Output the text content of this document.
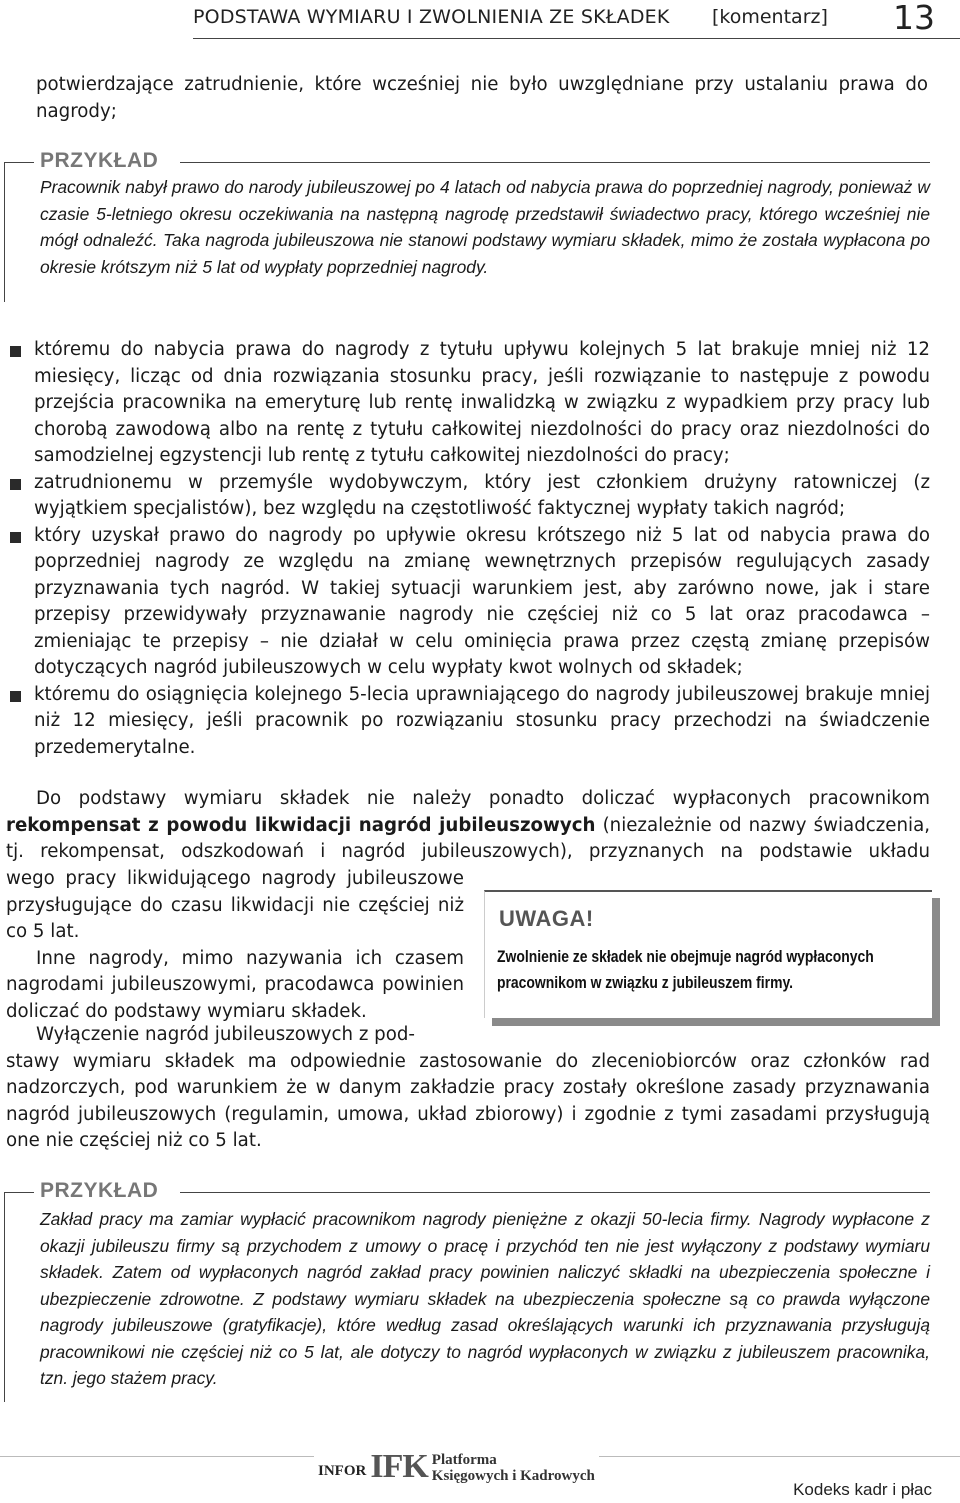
PODSTAWA WYMIARU I ZWOLNIENIA ZE SKŁADEK [komentarz] 13

potwierdzające zatrudnienie, które wcześniej nie było uwzględniane przy ustalaniu prawa do nagrody;

PRZYKŁAD

Pracownik nabył prawo do narody jubileuszowej po 4 latach od nabycia prawa do poprzedniej nagrody, ponieważ w czasie 5-letniego okresu oczekiwania na następną nagrodę przedstawił świadectwo pracy, którego wcześniej nie mógł odnaleźć. Taka nagroda jubileuszowa nie stanowi podstawy wymiaru składek, mimo że została wypłacona po okresie krótszym niż 5 lat od wypłaty poprzedniej nagrody.

któremu do nabycia prawa do nagrody z tytułu upływu kolejnych 5 lat brakuje mniej niż 12 miesięcy, licząc od dnia rozwiązania stosunku pracy, jeśli rozwiązanie to następuje z powodu przejścia pracownika na emeryturę lub rentę inwalidzką w związku z wypadkiem przy pracy lub chorobą zawodową albo na rentę z tytułu całkowitej niezdolności do pracy oraz niezdolności do samodzielnej egzystencji lub rentę z tytułu całkowitej niezdolności do pracy;
zatrudnionemu w przemyśle wydobywczym, który jest członkiem drużyny ratowniczej (z wyjątkiem specjalistów), bez względu na częstotliwość faktycznej wypłaty takich nagród;
który uzyskał prawo do nagrody po upływie okresu krótszego niż 5 lat od nabycia prawa do poprzedniej nagrody ze względu na zmianę wewnętrznych przepisów regulujących zasady przyznawania tych nagród. W takiej sytuacji warunkiem jest, aby zarówno nowe, jak i stare przepisy przewidywały przyznawanie nagrody nie częściej niż co 5 lat oraz pracodawca – zmieniając te przepisy – nie działał w celu ominięcia prawa przez częstą zmianę przepisów dotyczących nagród jubileuszowych w celu wypłaty kwot wolnych od składek;
któremu do osiągnięcia kolejnego 5-lecia uprawniającego do nagrody jubileuszowej brakuje mniej niż 12 miesięcy, jeśli pracownik po rozwiązaniu stosunku pracy przechodzi na świadczenie przedemerytalne.
Do podstawy wymiaru składek nie należy ponadto doliczać wypłaconych pracownikom rekompensat z powodu likwidacji nagród jubileuszowych (niezależnie od nazwy świadczenia, tj. rekompensat, odszkodowań i nagród jubileuszowych), przyznanych na podstawie układu

wego pracy likwidującego nagrody jubileuszowe przysługujące do czasu likwidacji nie częściej niż co 5 lat.

Inne nagrody, mimo nazywania ich czasem nagrodami jubileuszowymi, pracodawca powinien doliczać do podstawy wymiaru składek.

Wyłączenie nagród jubileuszowych z pod-
stawy wymiaru składek ma odpowiednie zastosowanie do zleceniobiorców oraz członków rad nadzorczych, pod warunkiem że w danym zakładzie pracy zostały określone zasady przyznawania nagród jubileuszowych (regulamin, umowa, układ zbiorowy) i zgodnie z tymi zasadami przysługują one nie częściej niż co 5 lat.
UWAGA!

Zwolnienie ze składek nie obejmuje nagród wypłaconych pracownikom w związku z jubileuszem firmy.

PRZYKŁAD

Zakład pracy ma zamiar wypłacić pracownikom nagrody pieniężne z okazji 50-lecia firmy. Nagrody wypłacone z okazji jubileuszu firmy są przychodem z umowy o pracę i przychód ten nie jest wyłączony z podstawy wymiaru składek. Zatem od wypłaconych nagród zakład pracy powinien naliczyć składki na ubezpieczenia społeczne i ubezpieczenie zdrowotne. Z podstawy wymiaru składek na ubezpieczenia społeczne są co prawda wyłączone nagrody jubileuszowe (gratyfikacje), które według zasad określających warunki ich przyznawania przysługują pracownikowi nie częściej niż co 5 lat, ale dotyczy to nagród wypłaconych w związku z jubileuszem pracownika, tzn. jego stażem pracy.

INFOR IFK Platforma
Księgowych i Kadrowych
Kodeks kadr i płac
